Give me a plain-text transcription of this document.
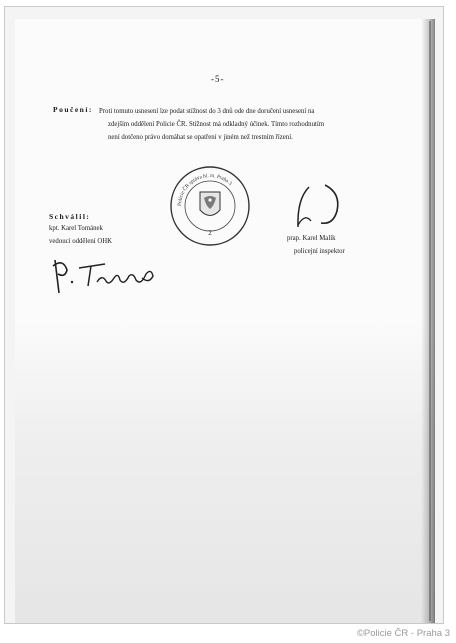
-5-
Poučení: Proti tomuto usnesení lze podat stížnost do 3 dnů ode dne doručení usnesení na
zdejším oddělení Policie ČR. Stížnost má odkladný účinek. Tímto rozhodnutím
není dotčeno právo domáhat se opatření v jiném než trestním řízení.
Policie ČR správa hl. m. Praha 3
2
Schválil:
kpt. Karel Tománek
vedoucí oddělení OHK	prap. Karel Malík
policejní inspektor
©Policie ČR - Praha 3
